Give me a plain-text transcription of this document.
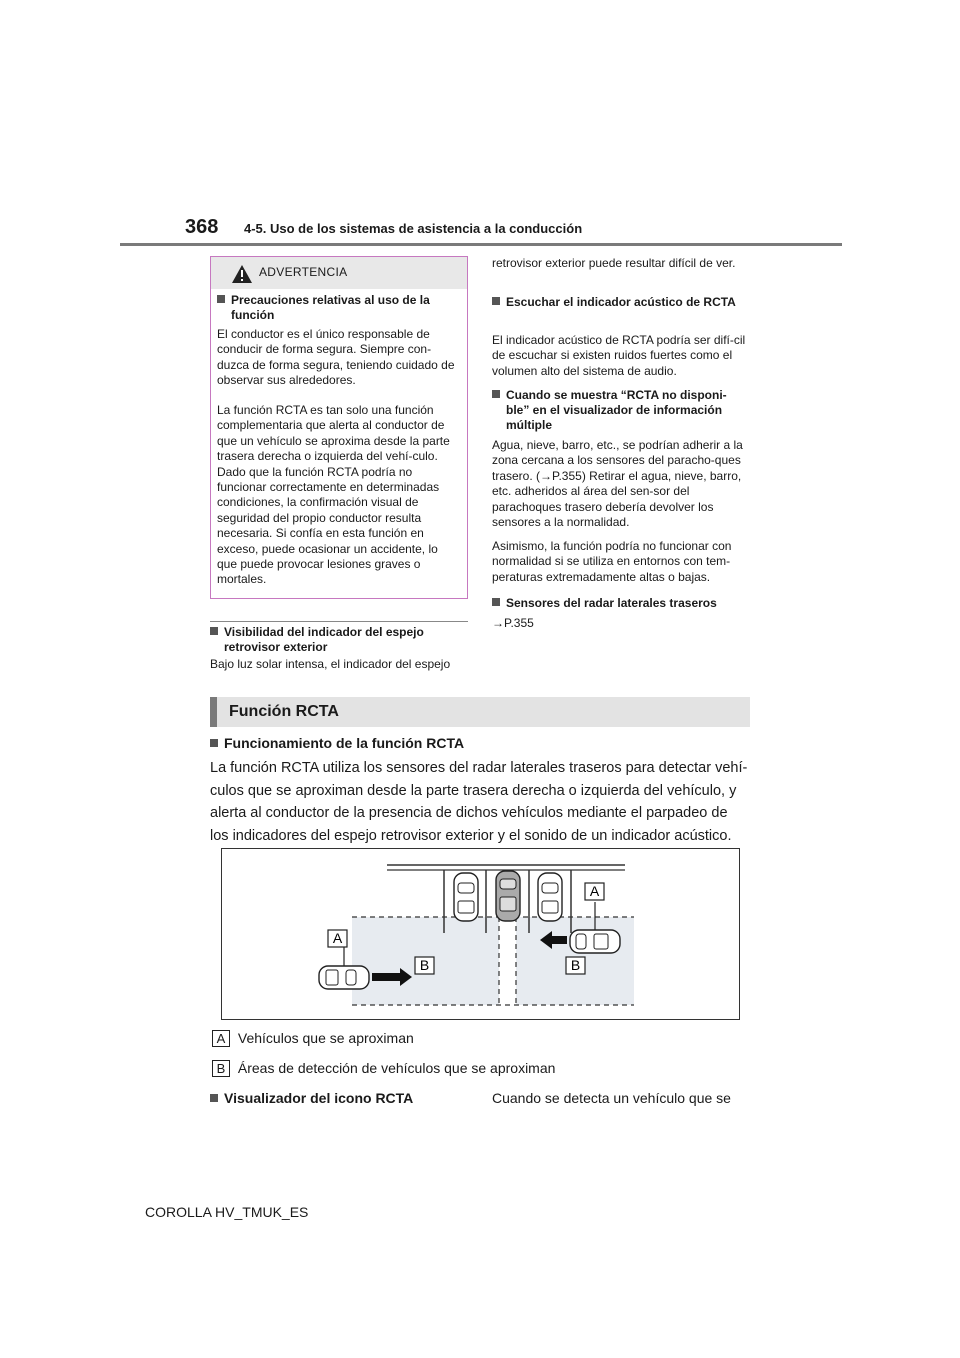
368 4-5. Uso de los sistemas de asistencia a la conducción
ADVERTENCIA
Precauciones relativas al uso de la función
El conductor es el único responsable de conducir de forma segura. Siempre con-duzca de forma segura, teniendo cuidado de observar sus alrededores.
La función RCTA es tan solo una función complementaria que alerta al conductor de que un vehículo se aproxima desde la parte trasera derecha o izquierda del vehí-culo. Dado que la función RCTA podría no funcionar correctamente en determinadas condiciones, la confirmación visual de seguridad del propio conductor resulta necesaria. Si confía en esta función en exceso, puede ocasionar un accidente, lo que puede provocar lesiones graves o mortales.
Visibilidad del indicador del espejo retrovisor exterior
Bajo luz solar intensa, el indicador del espejo
retrovisor exterior puede resultar difícil de ver.
Escuchar el indicador acústico de RCTA
El indicador acústico de RCTA podría ser difí-cil de escuchar si existen ruidos fuertes como el volumen alto del sistema de audio.
Cuando se muestra “RCTA no disponi-ble” en el visualizador de información múltiple
Agua, nieve, barro, etc., se podrían adherir a la zona cercana a los sensores del paracho-ques trasero. (→P.355) Retirar el agua, nieve, barro, etc. adheridos al área del sen-sor del parachoques trasero debería devolver los sensores a la normalidad.
Asimismo, la función podría no funcionar con normalidad si se utiliza en entornos con tem-peraturas extremadamente altas o bajas.
Sensores del radar laterales traseros
→P.355
Función RCTA
Funcionamiento de la función RCTA
La función RCTA utiliza los sensores del radar laterales traseros para detectar vehí-culos que se aproximan desde la parte trasera derecha o izquierda del vehículo, y alerta al conductor de la presencia de dichos vehículos mediante el parpadeo de los indicadores del espejo retrovisor exterior y el sonido de un indicador acústico.
A
A
B	B
A Vehículos que se aproximan
B Áreas de detección de vehículos que se aproximan
Visualizador del icono RCTA	Cuando se detecta un vehículo que se
COROLLA HV_TMUK_ES
